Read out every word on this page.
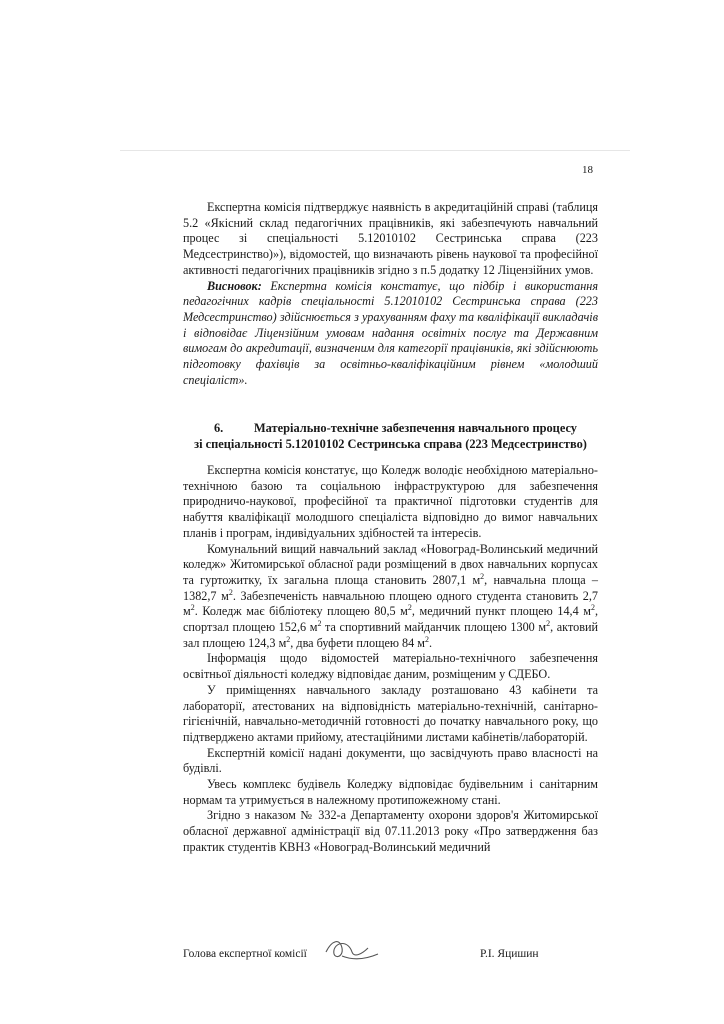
18

Експертна комісія підтверджує наявність в акредитаційній справі (таблиця 5.2 «Якісний склад педагогічних працівників, які забезпечують навчальний процес зі спеціальності 5.12010102 Сестринська справа (223 Медсестринство)»), відомостей, що визначають рівень наукової та професійної активності педагогічних працівників згідно з п.5 додатку 12 Ліцензійних умов.

Висновок: Експертна комісія констатує, що підбір і використання педагогічних кадрів спеціальності 5.12010102 Сестринська справа (223 Медсестринство) здійснюється з урахуванням фаху та кваліфікації викладачів і відповідає Ліцензійним умовам надання освітніх послуг та Державним вимогам до акредитації, визначеним для категорії працівників, які здійснюють підготовку фахівців за освітньо-кваліфікаційним рівнем «молодший спеціаліст».

6. Матеріально-технічне забезпечення навчального процесу
зі спеціальності 5.12010102 Сестринська справа (223 Медсестринство)

Експертна комісія констатує, що Коледж володіє необхідною матеріально-технічною базою та соціальною інфраструктурою для забезпечення природничо-наукової, професійної та практичної підготовки студентів для набуття кваліфікації молодшого спеціаліста відповідно до вимог навчальних планів і програм, індивідуальних здібностей та інтересів.

Комунальний вищий навчальний заклад «Новоград-Волинський медичний коледж» Житомирської обласної ради розміщений в двох навчальних корпусах та гуртожитку, їх загальна площа становить 2807,1 $м^2$, навчальна площа – 1382,7 $м^2$. Забезпеченість навчальною площею одного студента становить 2,7 $м^2$. Коледж має бібліотеку площею 80,5 $м^2$, медичний пункт площею 14,4 $м^2$, спортзал площею 152,6 $м^2$ та спортивний майданчик площею 1300 $м^2$, актовий зал площею 124,3 $м^2$, два буфети площею 84 $м^2$.

Інформація щодо відомостей матеріально-технічного забезпечення освітньої діяльності коледжу відповідає даним, розміщеним у СДЕБО.

У приміщеннях навчального закладу розташовано 43 кабінети та лабораторії, атестованих на відповідність матеріально-технічній, санітарно-гігієнічній, навчально-методичній готовності до початку навчального року, що підтверджено актами прийому, атестаційними листами кабінетів/лабораторій.

Експертній комісії надані документи, що засвідчують право власності на будівлі.

Увесь комплекс будівель Коледжу відповідає будівельним і санітарним нормам та утримується в належному протипожежному стані.

Згідно з наказом № 332-а Департаменту охорони здоров'я Житомирської обласної державної адміністрації від 07.11.2013 року «Про затвердження баз практик студентів КВНЗ «Новоград-Волинський медичний

Голова експертної комісії	Р.І. Яцишин
